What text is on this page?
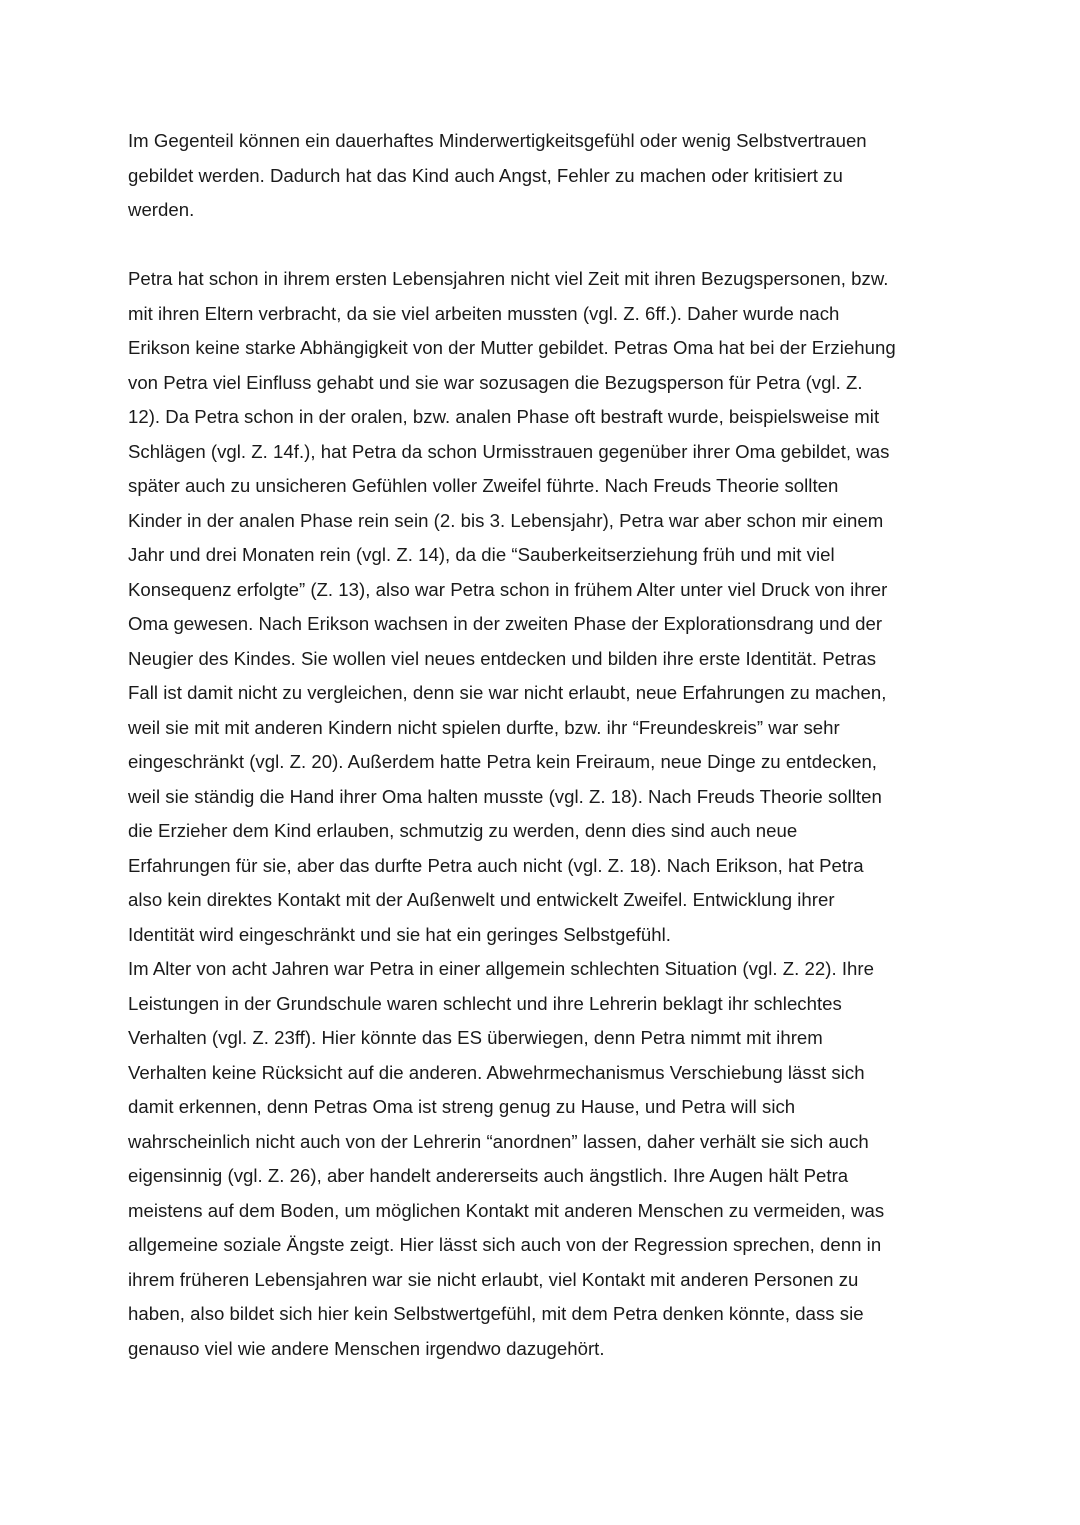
Im Gegenteil können ein dauerhaftes Minderwertigkeitsgefühl oder wenig Selbstvertrauen
gebildet werden. Dadurch hat das Kind auch Angst, Fehler zu machen oder kritisiert zu
werden.
Petra hat schon in ihrem ersten Lebensjahren nicht viel Zeit mit ihren Bezugspersonen, bzw.
mit ihren Eltern verbracht, da sie viel arbeiten mussten (vgl. Z. 6ff.). Daher wurde nach
Erikson keine starke Abhängigkeit von der Mutter gebildet. Petras Oma hat bei der Erziehung
von Petra viel Einfluss gehabt und sie war sozusagen die Bezugsperson für Petra (vgl. Z.
12). Da Petra schon in der oralen, bzw. analen Phase oft bestraft wurde, beispielsweise mit
Schlägen (vgl. Z. 14f.), hat Petra da schon Urmisstrauen gegenüber ihrer Oma gebildet, was
später auch zu unsicheren Gefühlen voller Zweifel führte. Nach Freuds Theorie sollten
Kinder in der analen Phase rein sein (2. bis 3. Lebensjahr), Petra war aber schon mir einem
Jahr und drei Monaten rein (vgl. Z. 14), da die “Sauberkeitserziehung früh und mit viel
Konsequenz erfolgte” (Z. 13), also war Petra schon in frühem Alter unter viel Druck von ihrer
Oma gewesen. Nach Erikson wachsen in der zweiten Phase der Explorationsdrang und der
Neugier des Kindes. Sie wollen viel neues entdecken und bilden ihre erste Identität. Petras
Fall ist damit nicht zu vergleichen, denn sie war nicht erlaubt, neue Erfahrungen zu machen,
weil sie mit mit anderen Kindern nicht spielen durfte, bzw. ihr “Freundeskreis” war sehr
eingeschränkt (vgl. Z. 20). Außerdem hatte Petra kein Freiraum, neue Dinge zu entdecken,
weil sie ständig die Hand ihrer Oma halten musste (vgl. Z. 18). Nach Freuds Theorie sollten
die Erzieher dem Kind erlauben, schmutzig zu werden, denn dies sind auch neue
Erfahrungen für sie, aber das durfte Petra auch nicht (vgl. Z. 18). Nach Erikson, hat Petra
also kein direktes Kontakt mit der Außenwelt und entwickelt Zweifel. Entwicklung ihrer
Identität wird eingeschränkt und sie hat ein geringes Selbstgefühl.
Im Alter von acht Jahren war Petra in einer allgemein schlechten Situation (vgl. Z. 22). Ihre
Leistungen in der Grundschule waren schlecht und ihre Lehrerin beklagt ihr schlechtes
Verhalten (vgl. Z. 23ff). Hier könnte das ES überwiegen, denn Petra nimmt mit ihrem
Verhalten keine Rücksicht auf die anderen. Abwehrmechanismus Verschiebung lässt sich
damit erkennen, denn Petras Oma ist streng genug zu Hause, und Petra will sich
wahrscheinlich nicht auch von der Lehrerin “anordnen” lassen, daher verhält sie sich auch
eigensinnig (vgl. Z. 26), aber handelt andererseits auch ängstlich. Ihre Augen hält Petra
meistens auf dem Boden, um möglichen Kontakt mit anderen Menschen zu vermeiden, was
allgemeine soziale Ängste zeigt. Hier lässt sich auch von der Regression sprechen, denn in
ihrem früheren Lebensjahren war sie nicht erlaubt, viel Kontakt mit anderen Personen zu
haben, also bildet sich hier kein Selbstwertgefühl, mit dem Petra denken könnte, dass sie
genauso viel wie andere Menschen irgendwo dazugehört.
